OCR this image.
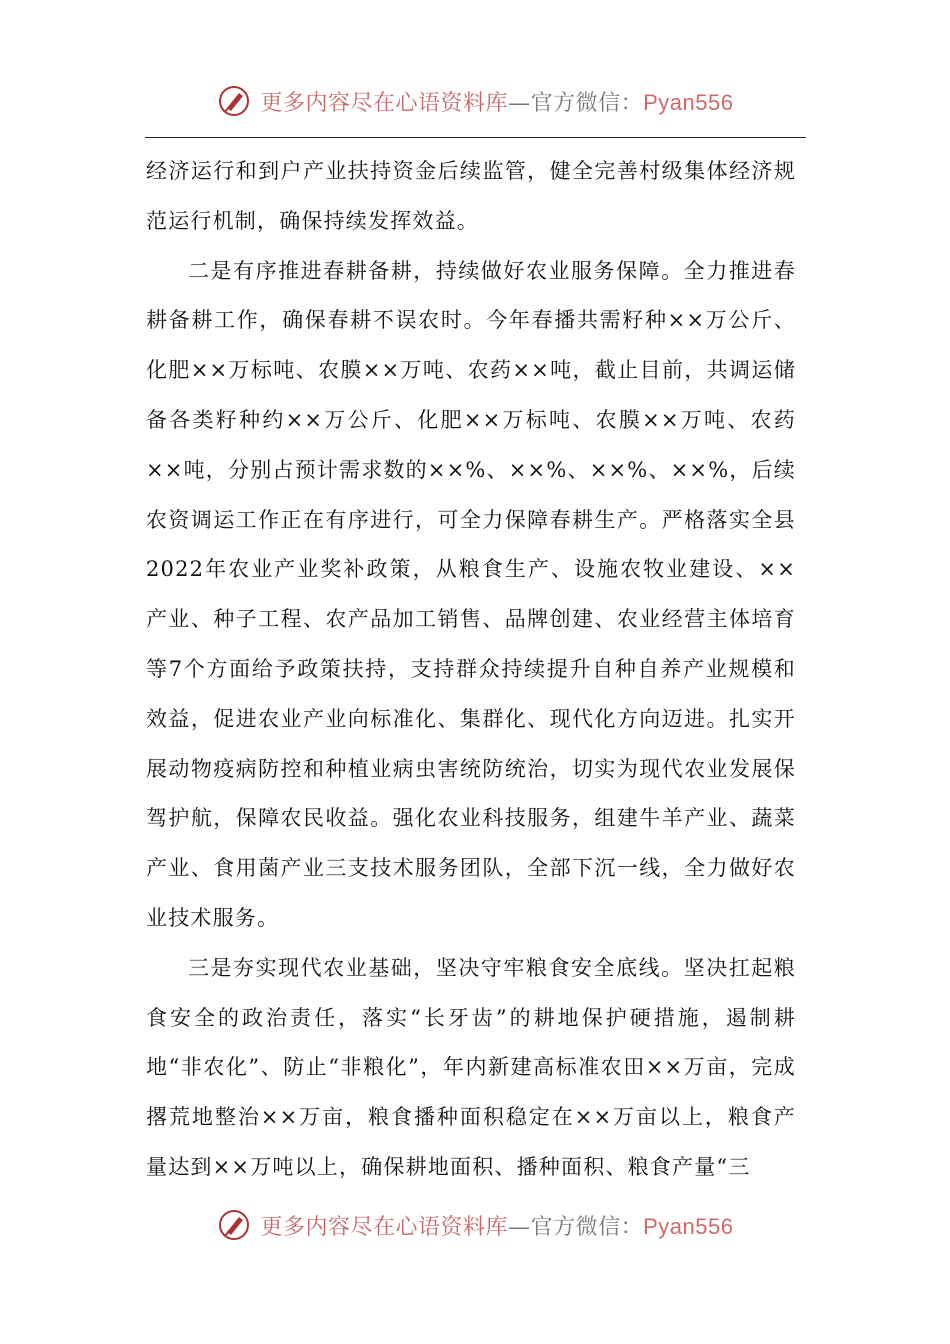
更多内容尽在心语资料库—官方微信：Pyan556

经济运行和到户产业扶持资金后续监管，健全完善村级集体经济规范运行机制，确保持续发挥效益。

二是有序推进春耕备耕，持续做好农业服务保障。全力推进春耕备耕工作，确保春耕不误农时。今年春播共需籽种××万公斤、化肥××万标吨、农膜××万吨、农药××吨，截止目前，共调运储备各类籽种约××万公斤、化肥××万标吨、农膜××万吨、农药××吨，分别占预计需求数的××%、××%、××%、××%，后续农资调运工作正在有序进行，可全力保障春耕生产。严格落实全县2022年农业产业奖补政策，从粮食生产、设施农牧业建设、××产业、种子工程、农产品加工销售、品牌创建、农业经营主体培育等7个方面给予政策扶持，支持群众持续提升自种自养产业规模和效益，促进农业产业向标准化、集群化、现代化方向迈进。扎实开展动物疫病防控和种植业病虫害统防统治，切实为现代农业发展保驾护航，保障农民收益。强化农业科技服务，组建牛羊产业、蔬菜产业、食用菌产业三支技术服务团队，全部下沉一线，全力做好农业技术服务。

三是夯实现代农业基础，坚决守牢粮食安全底线。坚决扛起粮食安全的政治责任，落实“长牙齿”的耕地保护硬措施，遏制耕地“非农化”、防止“非粮化”，年内新建高标准农田××万亩，完成撂荒地整治××万亩，粮食播种面积稳定在××万亩以上，粮食产量达到××万吨以上，确保耕地面积、播种面积、粮食产量“三

更多内容尽在心语资料库—官方微信：Pyan556
